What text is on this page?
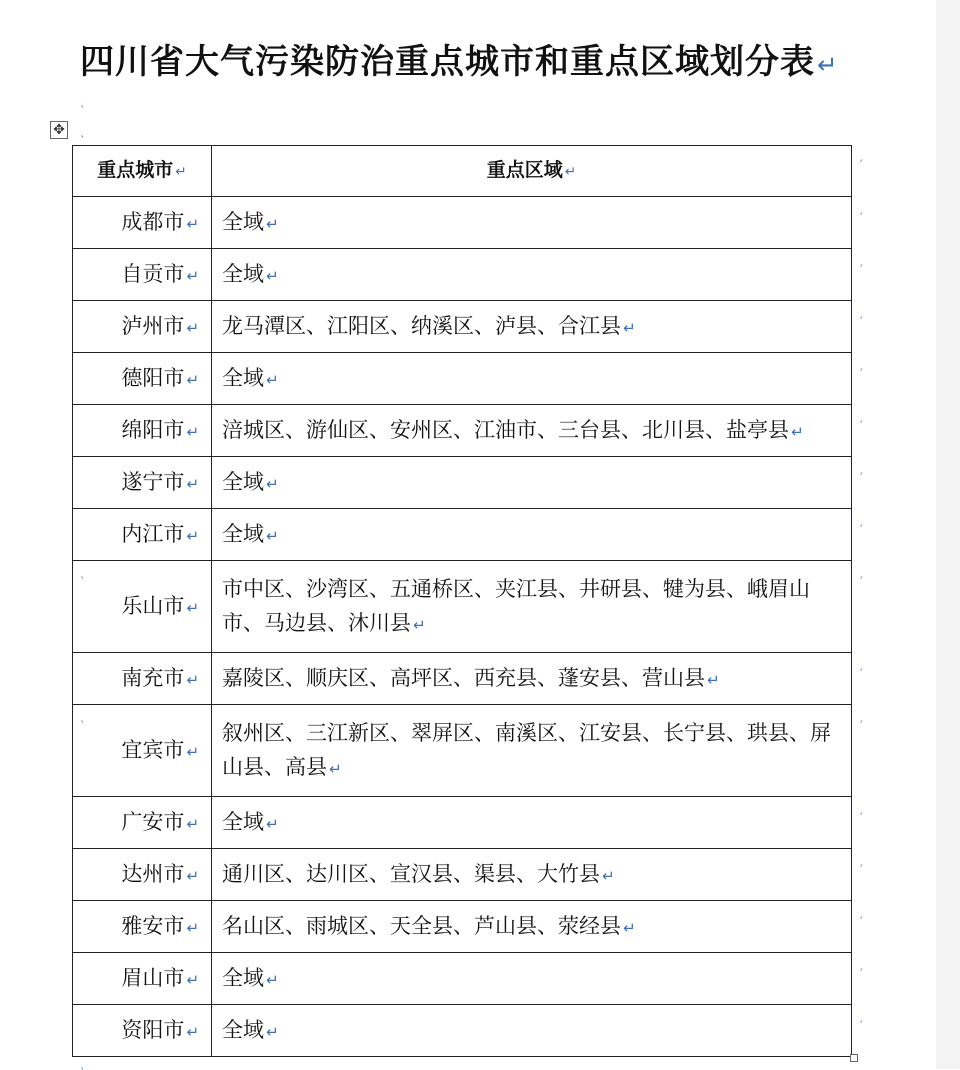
四川省大气污染防治重点城市和重点区域划分表↵
ˎ
ˎ
✥
重点城市 ↵	重点区域 ↵
成都市 ↵	全域 ↵
自贡市 ↵	全域 ↵
泸州市 ↵	龙马潭区、江阳区、纳溪区、泸县、合江县 ↵
德阳市 ↵	全域 ↵
绵阳市 ↵	涪城区、游仙区、安州区、江油市、三台县、北川县、盐亭县 ↵
遂宁市 ↵	全域 ↵
内江市 ↵	全域 ↵
乐山市 ↵	市中区、沙湾区、五通桥区、夹江县、井研县、犍为县、峨眉山市、马边县、沐川县 ↵
南充市 ↵	嘉陵区、顺庆区、高坪区、西充县、蓬安县、营山县 ↵
宜宾市 ↵	叙州区、三江新区、翠屏区、南溪区、江安县、长宁县、珙县、屏山县、高县 ↵
广安市 ↵	全域 ↵
达州市 ↵	通川区、达川区、宣汉县、渠县、大竹县 ↵
雅安市 ↵	名山区、雨城区、天全县、芦山县、荥经县 ↵
眉山市 ↵	全域 ↵
资阳市 ↵	全域 ↵
ˏ
ˏ
ˏ
ˏ
ˏ
ˏ
ˏ
ˏ
ˏ
ˏ
ˏ
ˏ
ˏ
ˏ
ˏ
ˏ
ˎ
ˎ
ˎ
